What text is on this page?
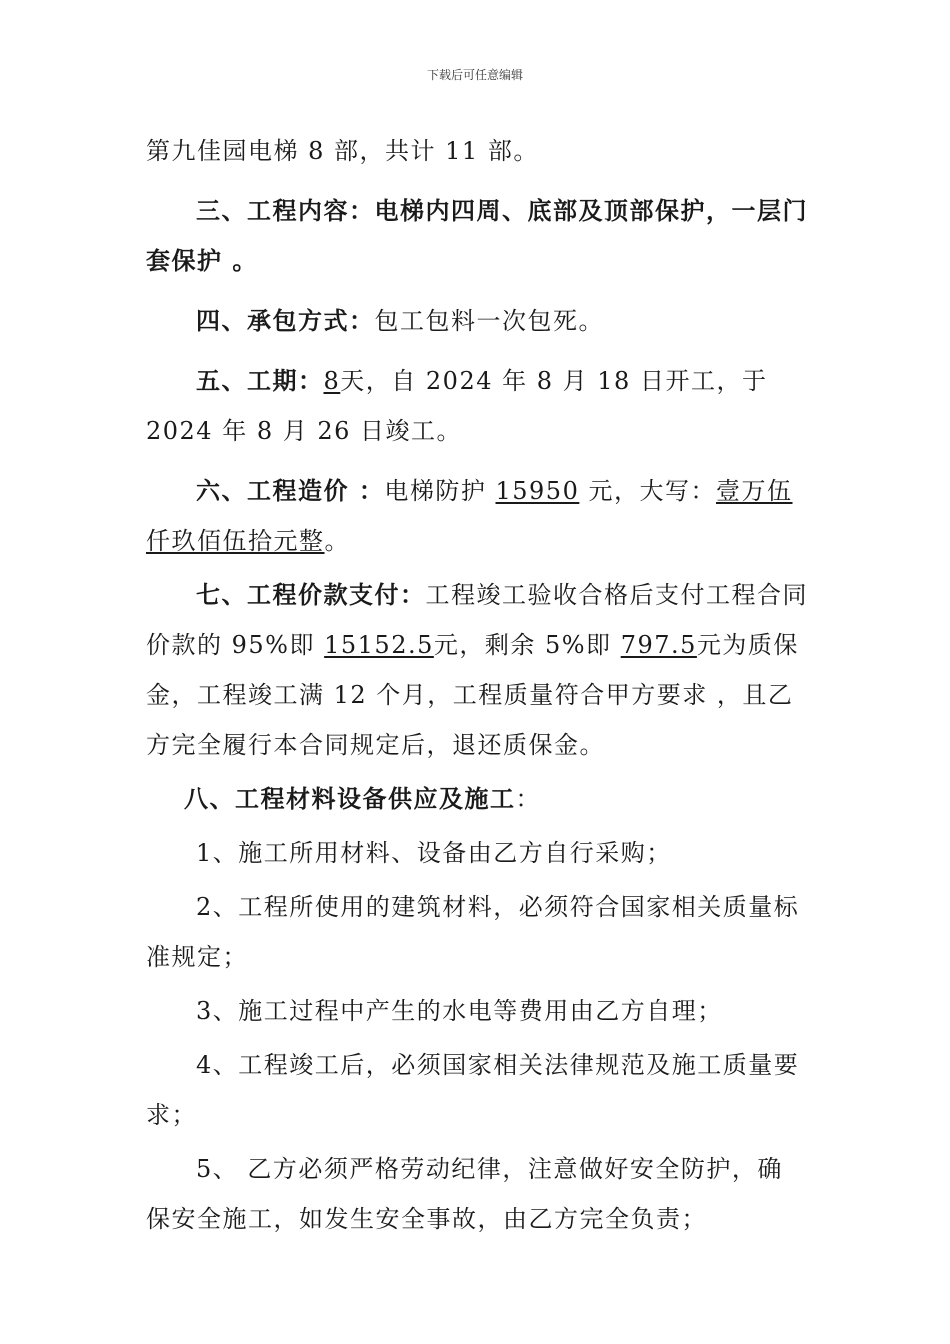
下载后可任意编辑

第九佳园电梯 8 部，共计 11 部。

三、工程内容：电梯内四周、底部及顶部保护，一层门套保护 。

四、承包方式：包工包料一次包死。

五、工期：8天，自 2024 年 8 月 18 日开工，于 2024 年 8 月 26 日竣工。

六、工程造价 ：电梯防护 15950 元，大写：壹万伍仟玖佰伍拾元整。

七、工程价款支付：工程竣工验收合格后支付工程合同价款的 95%即 15152.5元，剩余 5%即 797.5元为质保金，工程竣工满 12 个月，工程质量符合甲方要求 ，且乙方完全履行本合同规定后，退还质保金。

八、工程材料设备供应及施工：

1、施工所用材料、设备由乙方自行采购；

2、工程所使用的建筑材料，必须符合国家相关质量标准规定；

3、施工过程中产生的水电等费用由乙方自理；

4、工程竣工后，必须国家相关法律规范及施工质量要求；

5、 乙方必须严格劳动纪律，注意做好安全防护，确保安全施工，如发生安全事故，由乙方完全负责；
